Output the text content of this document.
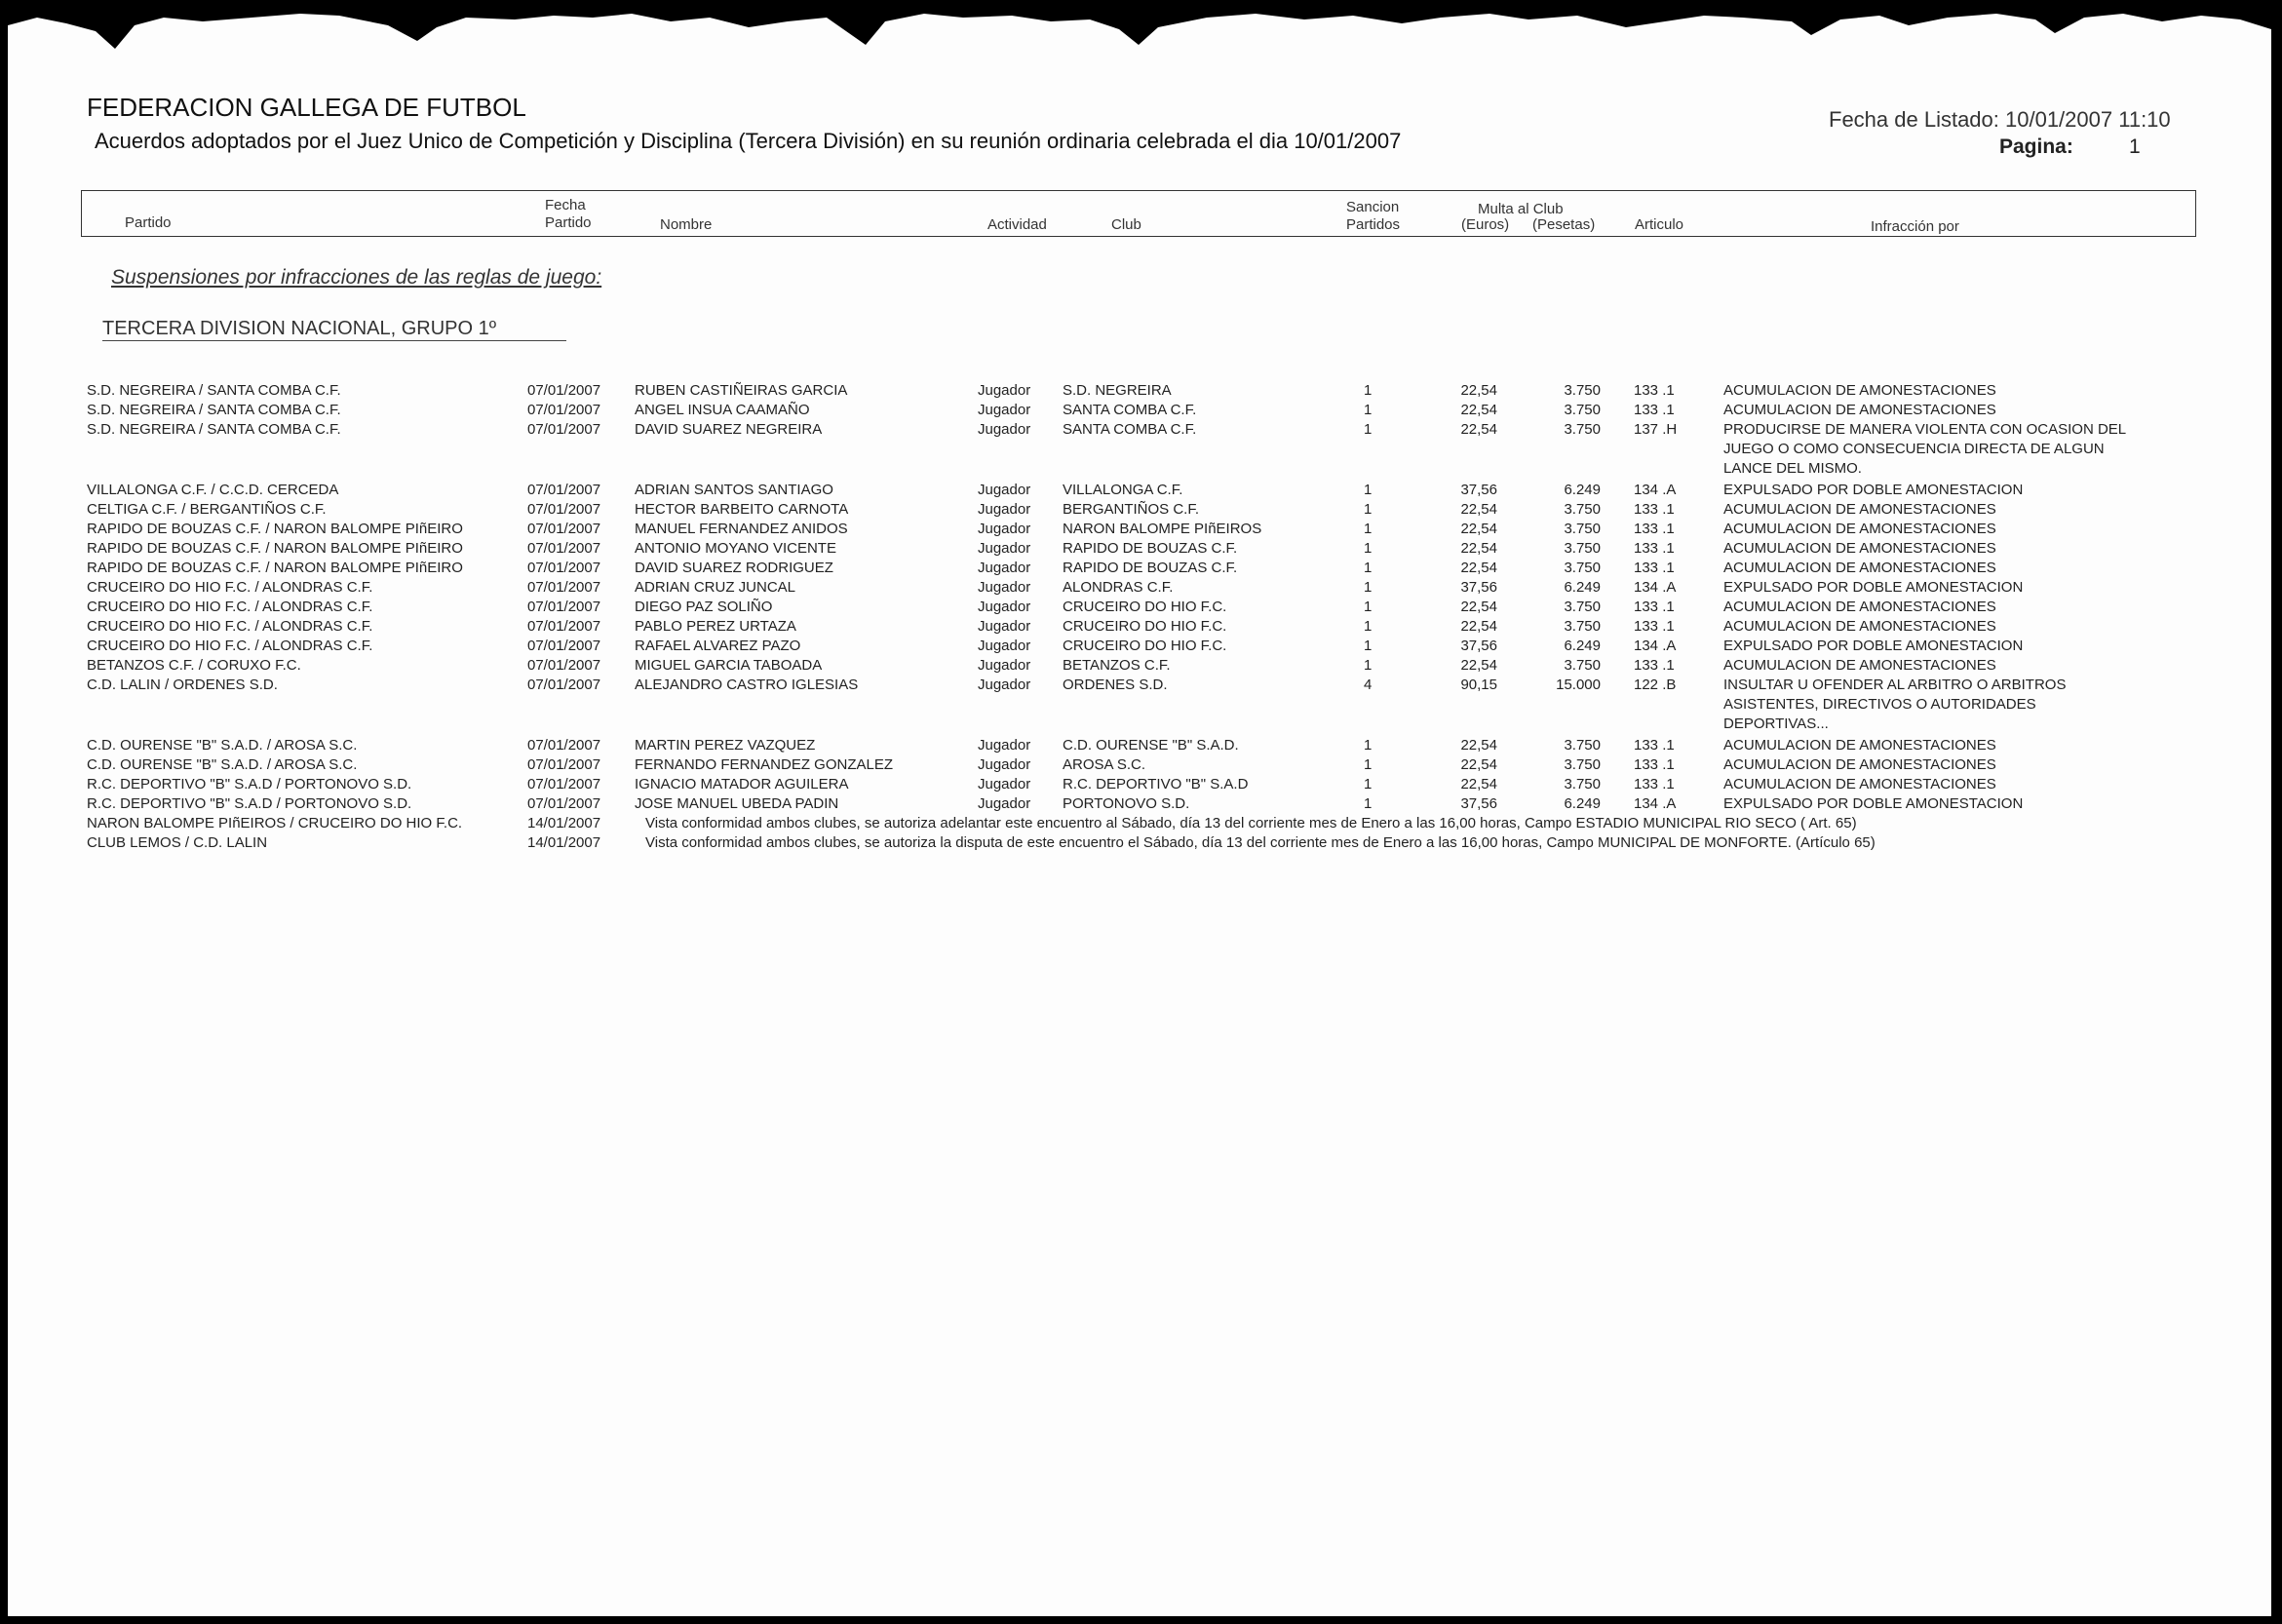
FEDERACION GALLEGA DE FUTBOL
Acuerdos adoptados por el Juez Unico de Competición y Disciplina (Tercera División) en su reunión ordinaria celebrada el dia 10/01/2007
Fecha de Listado: 10/01/2007 11:10
Pagina:	1
Partido
Fecha
Partido	Nombre	Actividad	Club
Sancion
Partidos
Multa al Club
(Euros) (Pesetas)	Articulo	Infracción por
Suspensiones por infracciones de las reglas de juego:
TERCERA DIVISION NACIONAL, GRUPO 1º
S.D. NEGREIRA / SANTA COMBA C.F.	07/01/2007 RUBEN CASTIÑEIRAS GARCIA	Jugador S.D. NEGREIRA	1	22,54	3.750 133 .1	ACUMULACION DE AMONESTACIONES
S.D. NEGREIRA / SANTA COMBA C.F.	07/01/2007 ANGEL INSUA CAAMAÑO	Jugador SANTA COMBA C.F.	1	22,54	3.750 133 .1	ACUMULACION DE AMONESTACIONES
S.D. NEGREIRA / SANTA COMBA C.F.	07/01/2007 DAVID SUAREZ NEGREIRA	Jugador SANTA COMBA C.F.	1	22,54	3.750 137 .H	PRODUCIRSE DE MANERA VIOLENTA CON OCASION DEL
JUEGO O COMO CONSECUENCIA DIRECTA DE ALGUN
LANCE DEL MISMO.
VILLALONGA C.F. / C.C.D. CERCEDA	07/01/2007 ADRIAN SANTOS SANTIAGO	Jugador VILLALONGA C.F.	1	37,56	6.249 134 .A	EXPULSADO POR DOBLE AMONESTACION
CELTIGA C.F. / BERGANTIÑOS C.F.	07/01/2007 HECTOR BARBEITO CARNOTA	Jugador BERGANTIÑOS C.F.	1	22,54	3.750 133 .1	ACUMULACION DE AMONESTACIONES
RAPIDO DE BOUZAS C.F. / NARON BALOMPE PIñEIRO	07/01/2007 MANUEL FERNANDEZ ANIDOS	Jugador NARON BALOMPE PIñEIROS	1	22,54	3.750 133 .1	ACUMULACION DE AMONESTACIONES
RAPIDO DE BOUZAS C.F. / NARON BALOMPE PIñEIRO	07/01/2007 ANTONIO MOYANO VICENTE	Jugador RAPIDO DE BOUZAS C.F.	1	22,54	3.750 133 .1	ACUMULACION DE AMONESTACIONES
RAPIDO DE BOUZAS C.F. / NARON BALOMPE PIñEIRO	07/01/2007 DAVID SUAREZ RODRIGUEZ	Jugador RAPIDO DE BOUZAS C.F.	1	22,54	3.750 133 .1	ACUMULACION DE AMONESTACIONES
CRUCEIRO DO HIO F.C. / ALONDRAS C.F.	07/01/2007 ADRIAN CRUZ JUNCAL	Jugador ALONDRAS C.F.	1	37,56	6.249 134 .A	EXPULSADO POR DOBLE AMONESTACION
CRUCEIRO DO HIO F.C. / ALONDRAS C.F.	07/01/2007 DIEGO PAZ SOLIÑO	Jugador CRUCEIRO DO HIO F.C.	1	22,54	3.750 133 .1	ACUMULACION DE AMONESTACIONES
CRUCEIRO DO HIO F.C. / ALONDRAS C.F.	07/01/2007 PABLO PEREZ URTAZA	Jugador CRUCEIRO DO HIO F.C.	1	22,54	3.750 133 .1	ACUMULACION DE AMONESTACIONES
CRUCEIRO DO HIO F.C. / ALONDRAS C.F.	07/01/2007 RAFAEL ALVAREZ PAZO	Jugador CRUCEIRO DO HIO F.C.	1	37,56	6.249 134 .A	EXPULSADO POR DOBLE AMONESTACION
BETANZOS C.F. / CORUXO F.C.	07/01/2007 MIGUEL GARCIA TABOADA	Jugador BETANZOS C.F.	1	22,54	3.750 133 .1	ACUMULACION DE AMONESTACIONES
C.D. LALIN / ORDENES S.D.	07/01/2007 ALEJANDRO CASTRO IGLESIAS	Jugador ORDENES S.D.	4	90,15	15.000 122 .B	INSULTAR U OFENDER AL ARBITRO O ARBITROS
ASISTENTES, DIRECTIVOS O AUTORIDADES
DEPORTIVAS...
C.D. OURENSE "B" S.A.D. / AROSA S.C.	07/01/2007 MARTIN PEREZ VAZQUEZ	Jugador C.D. OURENSE "B" S.A.D.	1	22,54	3.750 133 .1	ACUMULACION DE AMONESTACIONES
C.D. OURENSE "B" S.A.D. / AROSA S.C.	07/01/2007 FERNANDO FERNANDEZ GONZALEZ	Jugador AROSA S.C.	1	22,54	3.750 133 .1	ACUMULACION DE AMONESTACIONES
R.C. DEPORTIVO "B" S.A.D / PORTONOVO S.D.	07/01/2007 IGNACIO MATADOR AGUILERA	Jugador R.C. DEPORTIVO "B" S.A.D	1	22,54	3.750 133 .1	ACUMULACION DE AMONESTACIONES
R.C. DEPORTIVO "B" S.A.D / PORTONOVO S.D.	07/01/2007 JOSE MANUEL UBEDA PADIN	Jugador PORTONOVO S.D.	1	37,56	6.249 134 .A	EXPULSADO POR DOBLE AMONESTACION
NARON BALOMPE PIñEIROS / CRUCEIRO DO HIO F.C.	14/01/2007	Vista conformidad ambos clubes, se autoriza adelantar este encuentro al Sábado, día 13 del corriente mes de Enero a las 16,00 horas, Campo ESTADIO MUNICIPAL RIO SECO ( Art. 65)
CLUB LEMOS / C.D. LALIN	14/01/2007	Vista conformidad ambos clubes, se autoriza la disputa de este encuentro el Sábado, día 13 del corriente mes de Enero a las 16,00 horas, Campo MUNICIPAL DE MONFORTE. (Artículo 65)
